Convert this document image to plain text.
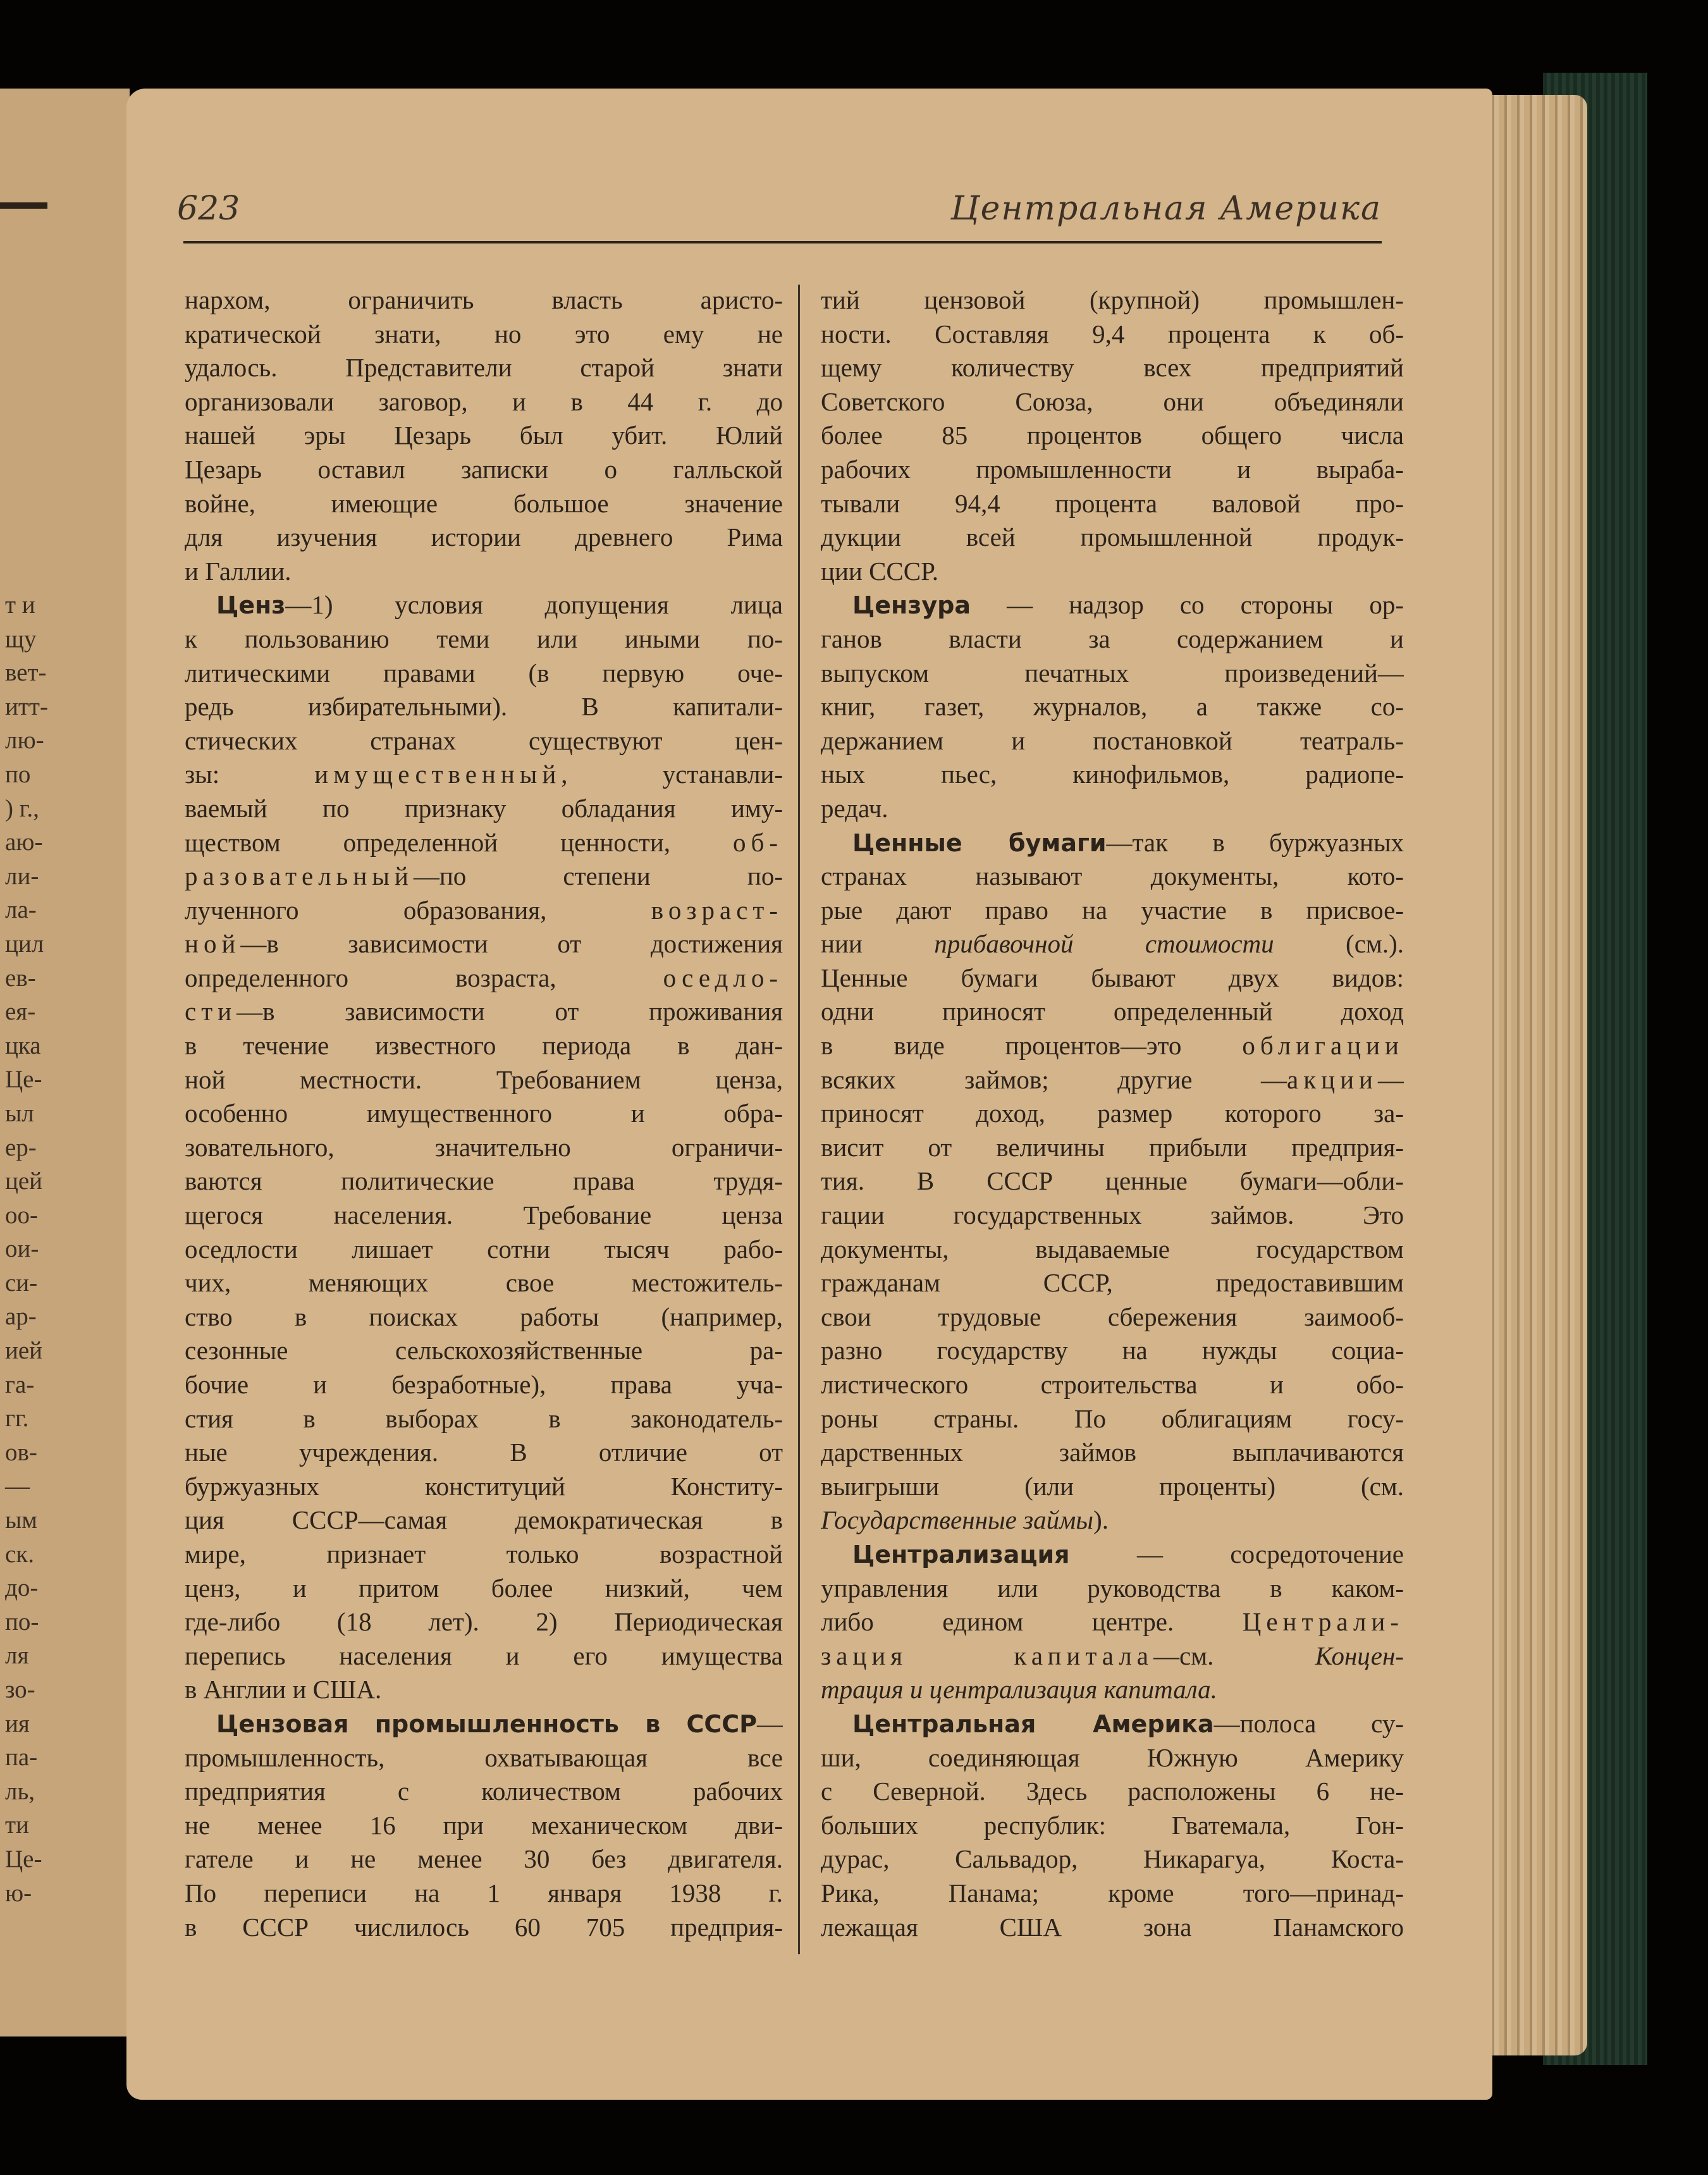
т и
щу
вет-
итт-
лю-
по
) г.,
аю-
ли-
ла-
цил
ев-
ея-
цка
Це-
ыл
ер-
цей
оо-
ои-
си-
ар-
ией
га-
гг.
ов-
—
ым
ск.
до-
по-
ля
зо-
ия
па-
ль,
ти
Це-
ю-
623	Центральная Америка
нархом, ограничить власть аристо-
кратической знати, но это ему не
удалось. Представители старой знати
организовали заговор, и в 44 г. до
нашей эры Цезарь был убит. Юлий
Цезарь оставил записки о галльской
войне, имеющие большое значение
для изучения истории древнего Рима
и Галлии.
Ценз—1) условия допущения лица
к пользованию теми или иными по-
литическими правами (в первую оче-
редь избирательными). В капитали-
стических странах существуют цен-
зы: имущественный, устанавли-
ваемый по признаку обладания иму-
ществом определенной ценности, об-
разовательный—по степени по-
лученного образования, возраст-
ной—в зависимости от достижения
определенного возраста, оседло-
сти—в зависимости от проживания
в течение известного периода в дан-
ной местности. Требованием ценза,
особенно имущественного и обра-
зовательного, значительно ограничи-
ваются политические права трудя-
щегося населения. Требование ценза
оседлости лишает сотни тысяч рабо-
чих, меняющих свое местожитель-
ство в поисках работы (например,
сезонные сельскохозяйственные ра-
бочие и безработные), права уча-
стия в выборах в законодатель-
ные учреждения. В отличие от
буржуазных конституций Конститу-
ция СССР—самая демократическая в
мире, признает только возрастной
ценз, и притом более низкий, чем
где-либо (18 лет). 2) Периодическая
перепись населения и его имущества
в Англии и США.
Цензовая промышленность в СССР—
промышленность, охватывающая все
предприятия с количеством рабочих
не менее 16 при механическом дви-
гателе и не менее 30 без двигателя.
По переписи на 1 января 1938 г.
в СССР числилось 60 705 предприя-
тий цензовой (крупной) промышлен-
ности. Составляя 9,4 процента к об-
щему количеству всех предприятий
Советского Союза, они объединяли
более 85 процентов общего числа
рабочих промышленности и выраба-
тывали 94,4 процента валовой про-
дукции всей промышленной продук-
ции СССР.
Цензура — надзор со стороны ор-
ганов власти за содержанием и
выпуском печатных произведений—
книг, газет, журналов, а также со-
держанием и постановкой театраль-
ных пьес, кинофильмов, радиопе-
редач.
Ценные бумаги—так в буржуазных
странах называют документы, кото-
рые дают право на участие в присвое-
нии прибавочной стоимости (см.).
Ценные бумаги бывают двух видов:
одни приносят определенный доход
в виде процентов—это облигации
всяких займов; другие —акции—
приносят доход, размер которого за-
висит от величины прибыли предприя-
тия. В СССР ценные бумаги—обли-
гации государственных займов. Это
документы, выдаваемые государством
гражданам СССР, предоставившим
свои трудовые сбережения заимооб-
разно государству на нужды социа-
листического строительства и обо-
роны страны. По облигациям госу-
дарственных займов выплачиваются
выигрыши (или проценты) (см.
Государственные займы).
Централизация — сосредоточение
управления или руководства в каком-
либо едином центре. Централи-
зация капитала—см. Концен-
трация и централизация капитала.
Центральная Америка—полоса су-
ши, соединяющая Южную Америку
с Северной. Здесь расположены 6 не-
больших республик: Гватемала, Гон-
дурас, Сальвадор, Никарагуа, Коста-
Рика, Панама; кроме того—принад-
лежащая США зона Панамского
